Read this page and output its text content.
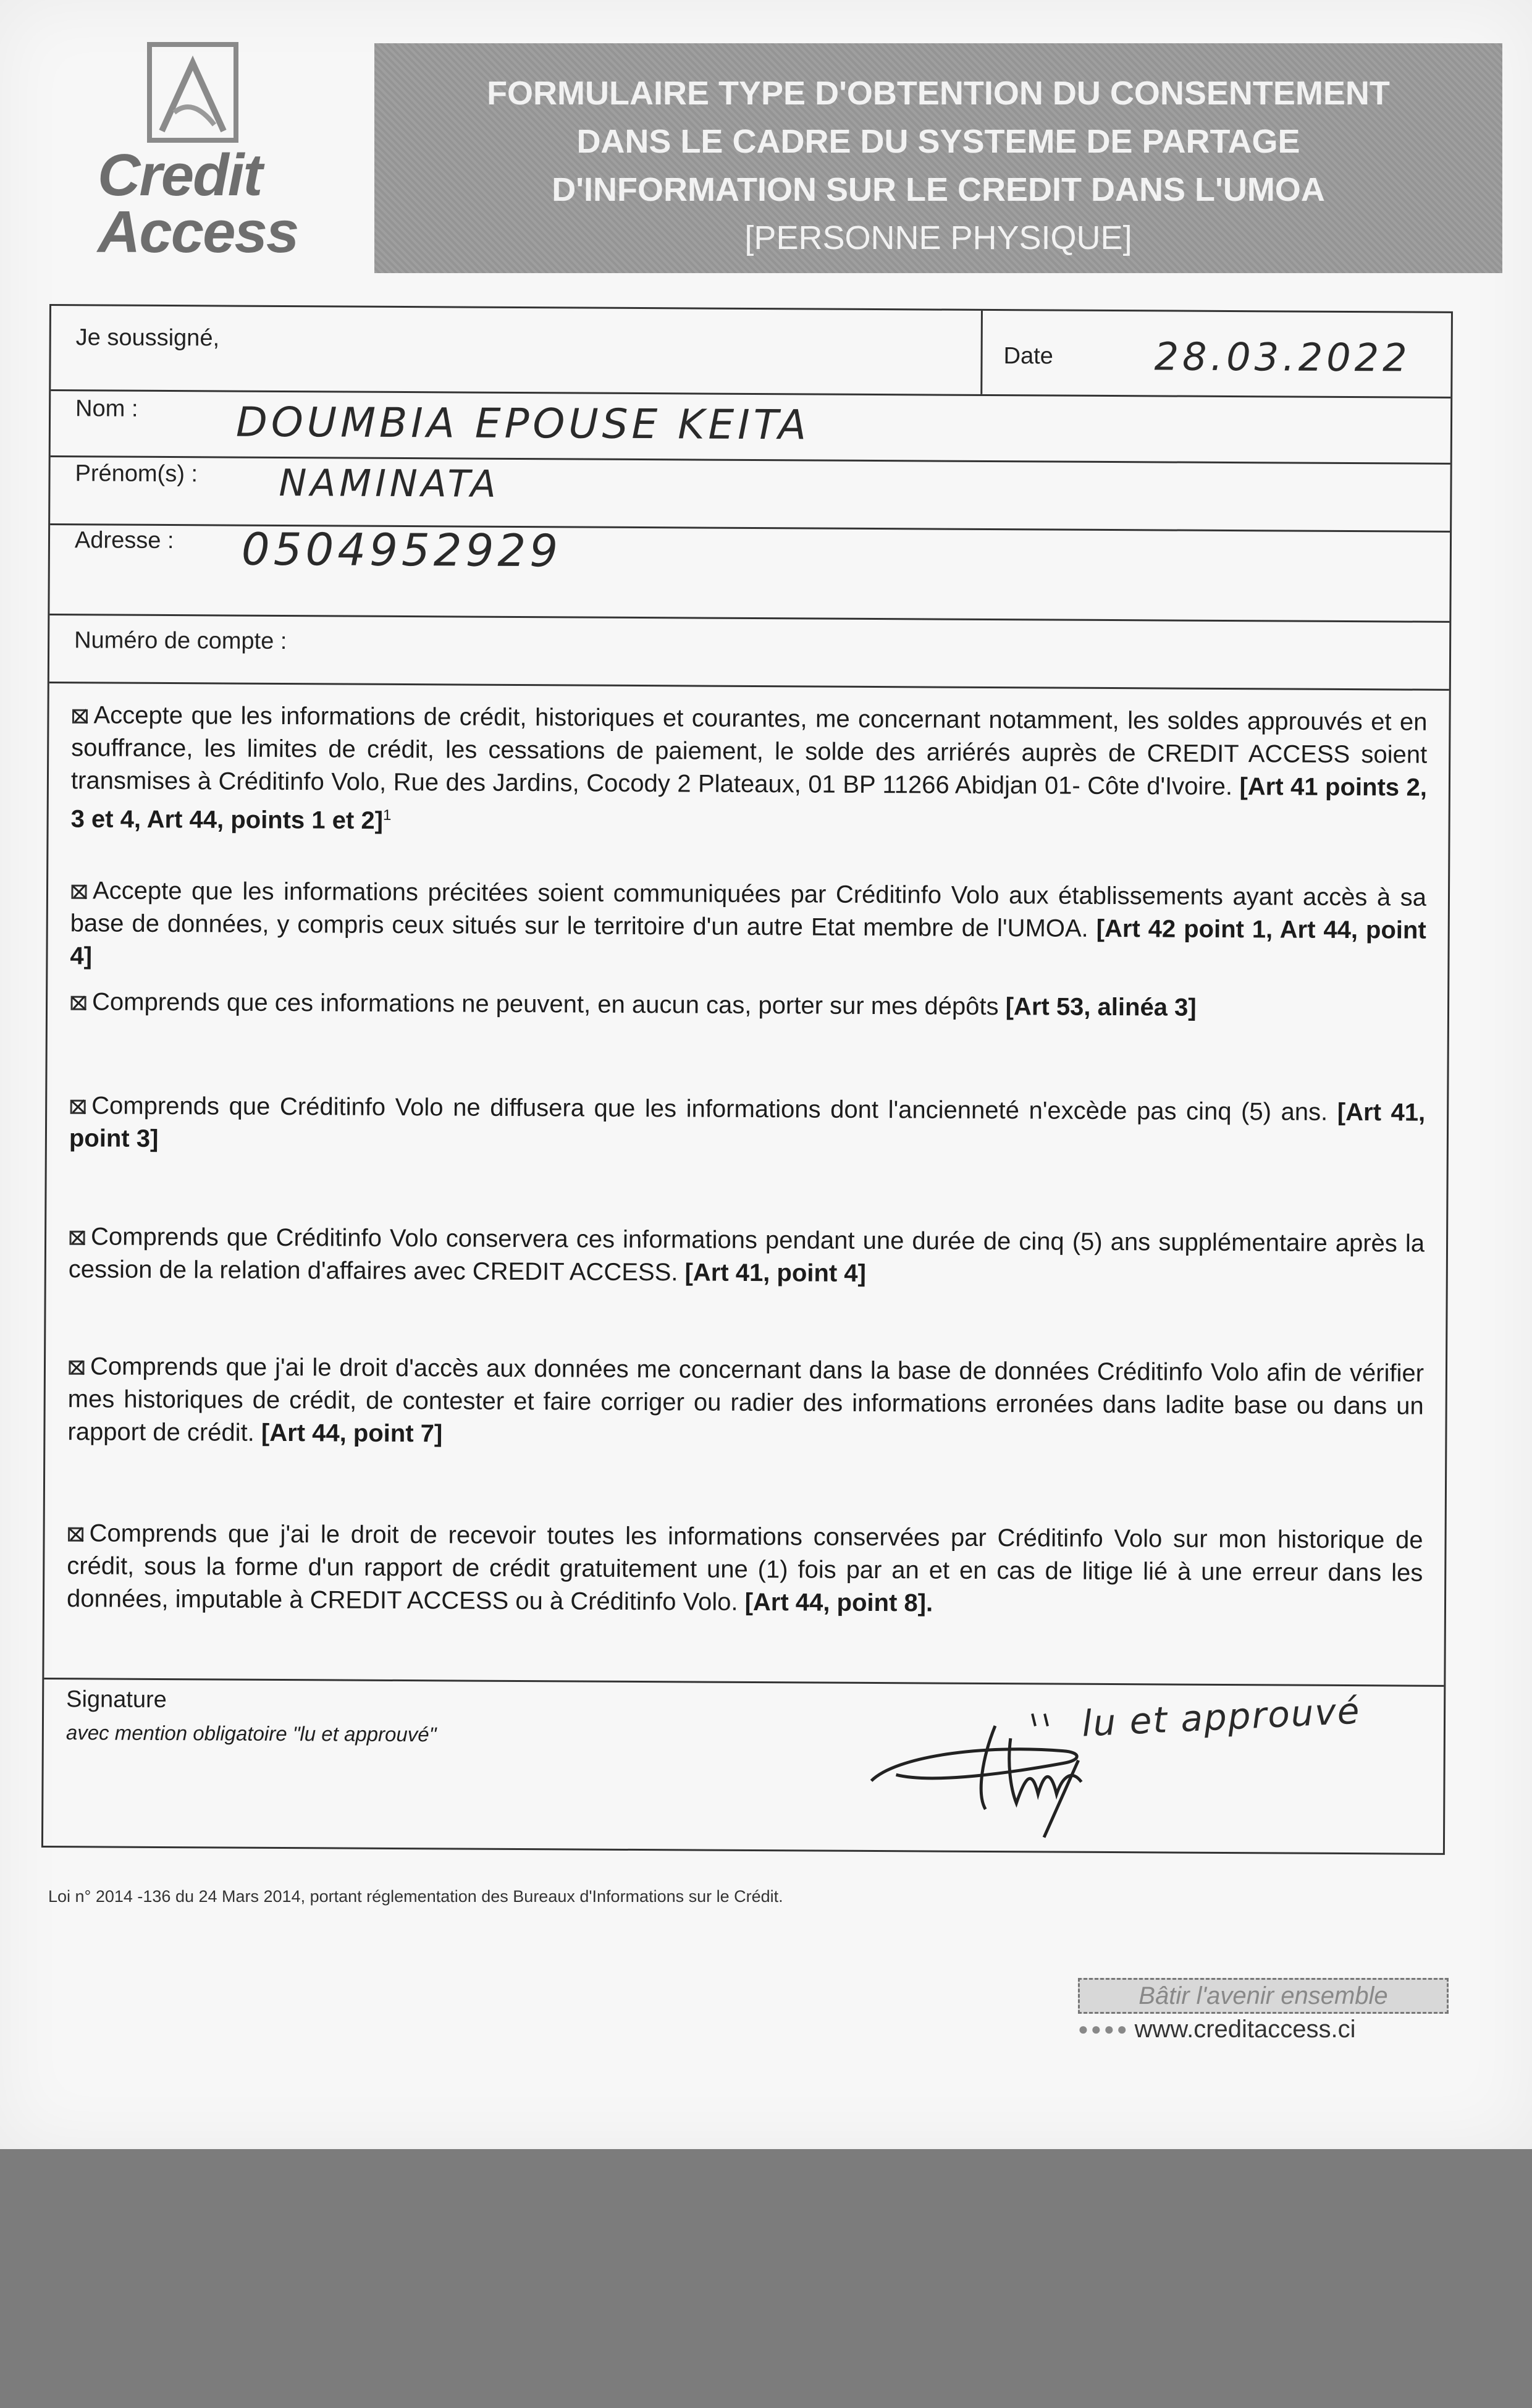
Credit
Access
FORMULAIRE TYPE D'OBTENTION DU CONSENTEMENT
DANS LE CADRE DU SYSTEME DE PARTAGE
D'INFORMATION SUR LE CREDIT DANS L'UMOA
[PERSONNE PHYSIQUE]
Je soussigné,
Date	28.03.2022
Nom : DOUMBIA EPOUSE KEITA
Prénom(s) : NAMINATA
Adresse : 0504952929
Numéro de compte :
Accepte que les informations de crédit, historiques et courantes, me concernant notamment, les soldes approuvés et en souffrance, les limites de crédit, les cessations de paiement, le solde des arriérés auprès de CREDIT ACCESS soient transmises à Créditinfo Volo, Rue des Jardins, Cocody 2 Plateaux, 01 BP 11266 Abidjan 01- Côte d'Ivoire. [Art 41 points 2, 3 et 4, Art 44, points 1 et 2]$^1$
Accepte que les informations précitées soient communiquées par Créditinfo Volo aux établissements ayant accès à sa base de données, y compris ceux situés sur le territoire d'un autre Etat membre de l'UMOA. [Art 42 point 1, Art 44, point 4]
Comprends que ces informations ne peuvent, en aucun cas, porter sur mes dépôts [Art 53, alinéa 3]
Comprends que Créditinfo Volo ne diffusera que les informations dont l'ancienneté n'excède pas cinq (5) ans. [Art 41, point 3]
Comprends que Créditinfo Volo conservera ces informations pendant une durée de cinq (5) ans supplémentaire après la cession de la relation d'affaires avec CREDIT ACCESS. [Art 41, point 4]
Comprends que j'ai le droit d'accès aux données me concernant dans la base de données Créditinfo Volo afin de vérifier mes historiques de crédit, de contester et faire corriger ou radier des informations erronées dans ladite base ou dans un rapport de crédit. [Art 44, point 7]
Comprends que j'ai le droit de recevoir toutes les informations conservées par Créditinfo Volo sur mon historique de crédit, sous la forme d'un rapport de crédit gratuitement une (1) fois par an et en cas de litige lié à une erreur dans les données, imputable à CREDIT ACCESS ou à Créditinfo Volo. [Art 44, point 8].
Signature
avec mention obligatoire "lu et approuvé"	lu et approuvé
Loi n° 2014 -136 du 24 Mars 2014, portant réglementation des Bureaux d'Informations sur le Crédit.
Bâtir l'avenir ensemble
●●●● www.creditaccess.ci
